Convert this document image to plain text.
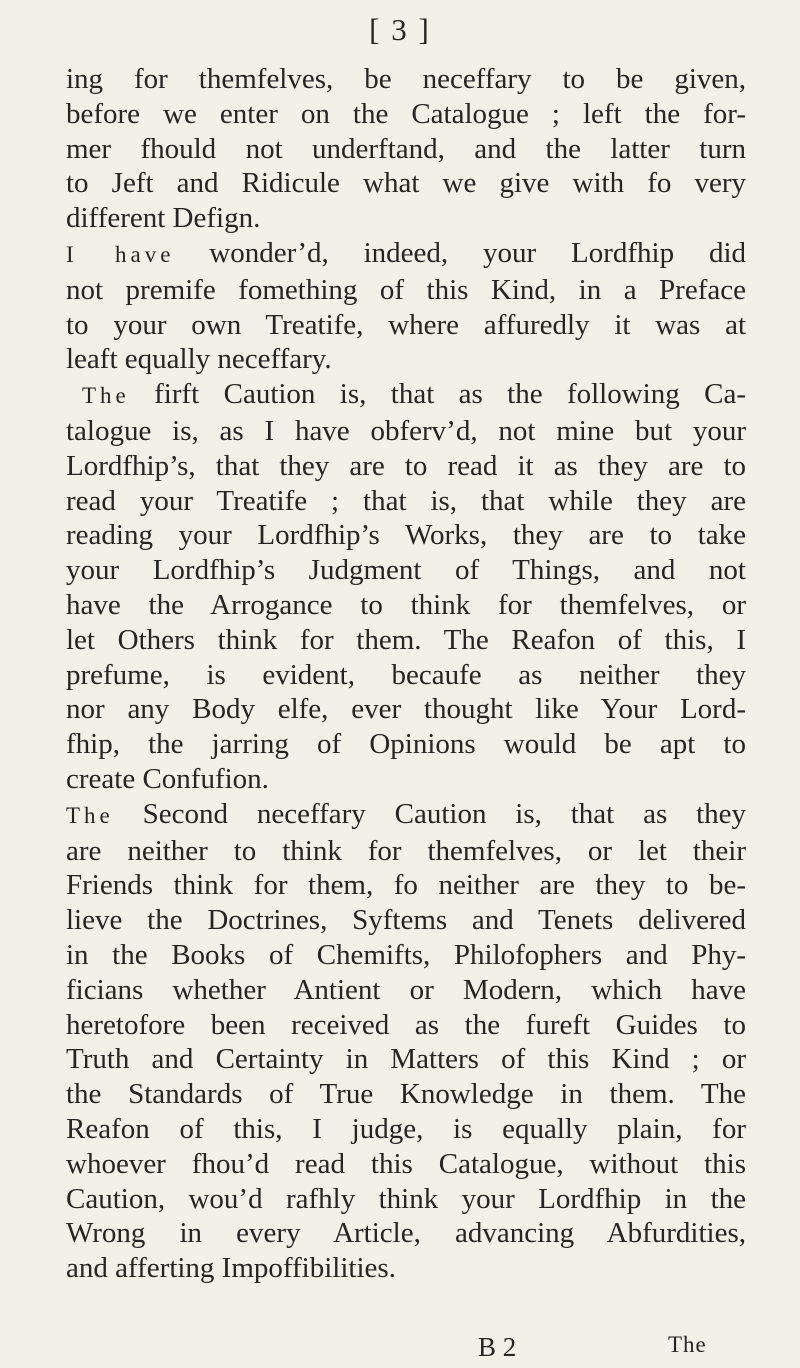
[ 3 ]
ing for themfelves, be neceffary to be given,
before we enter on the Catalogue ; left the for-
mer fhould not underftand, and the latter turn
to Jeft and Ridicule what we give with fo very
different Defign.
I have wonder’d, indeed, your Lordfhip did
not premife fomething of this Kind, in a Preface
to your own Treatife, where affuredly it was at
leaft equally neceffary.
The firft Caution is, that as the following Ca-
talogue is, as I have obferv’d, not mine but your
Lordfhip’s, that they are to read it as they are to
read your Treatife ; that is, that while they are
reading your Lordfhip’s Works, they are to take
your Lordfhip’s Judgment of Things, and not
have the Arrogance to think for themfelves, or
let Others think for them. The Reafon of this, I
prefume, is evident, becaufe as neither they
nor any Body elfe, ever thought like Your Lord-
fhip, the jarring of Opinions would be apt to
create Confufion.
The Second neceffary Caution is, that as they
are neither to think for themfelves, or let their
Friends think for them, fo neither are they to be-
lieve the Doctrines, Syftems and Tenets delivered
in the Books of Chemifts, Philofophers and Phy-
ficians whether Antient or Modern, which have
heretofore been received as the fureft Guides to
Truth and Certainty in Matters of this Kind ; or
the Standards of True Knowledge in them. The
Reafon of this, I judge, is equally plain, for
whoever fhou’d read this Catalogue, without this
Caution, wou’d rafhly think your Lordfhip in the
Wrong in every Article, advancing Abfurdities,
and afferting Impoffibilities.
B 2	The
